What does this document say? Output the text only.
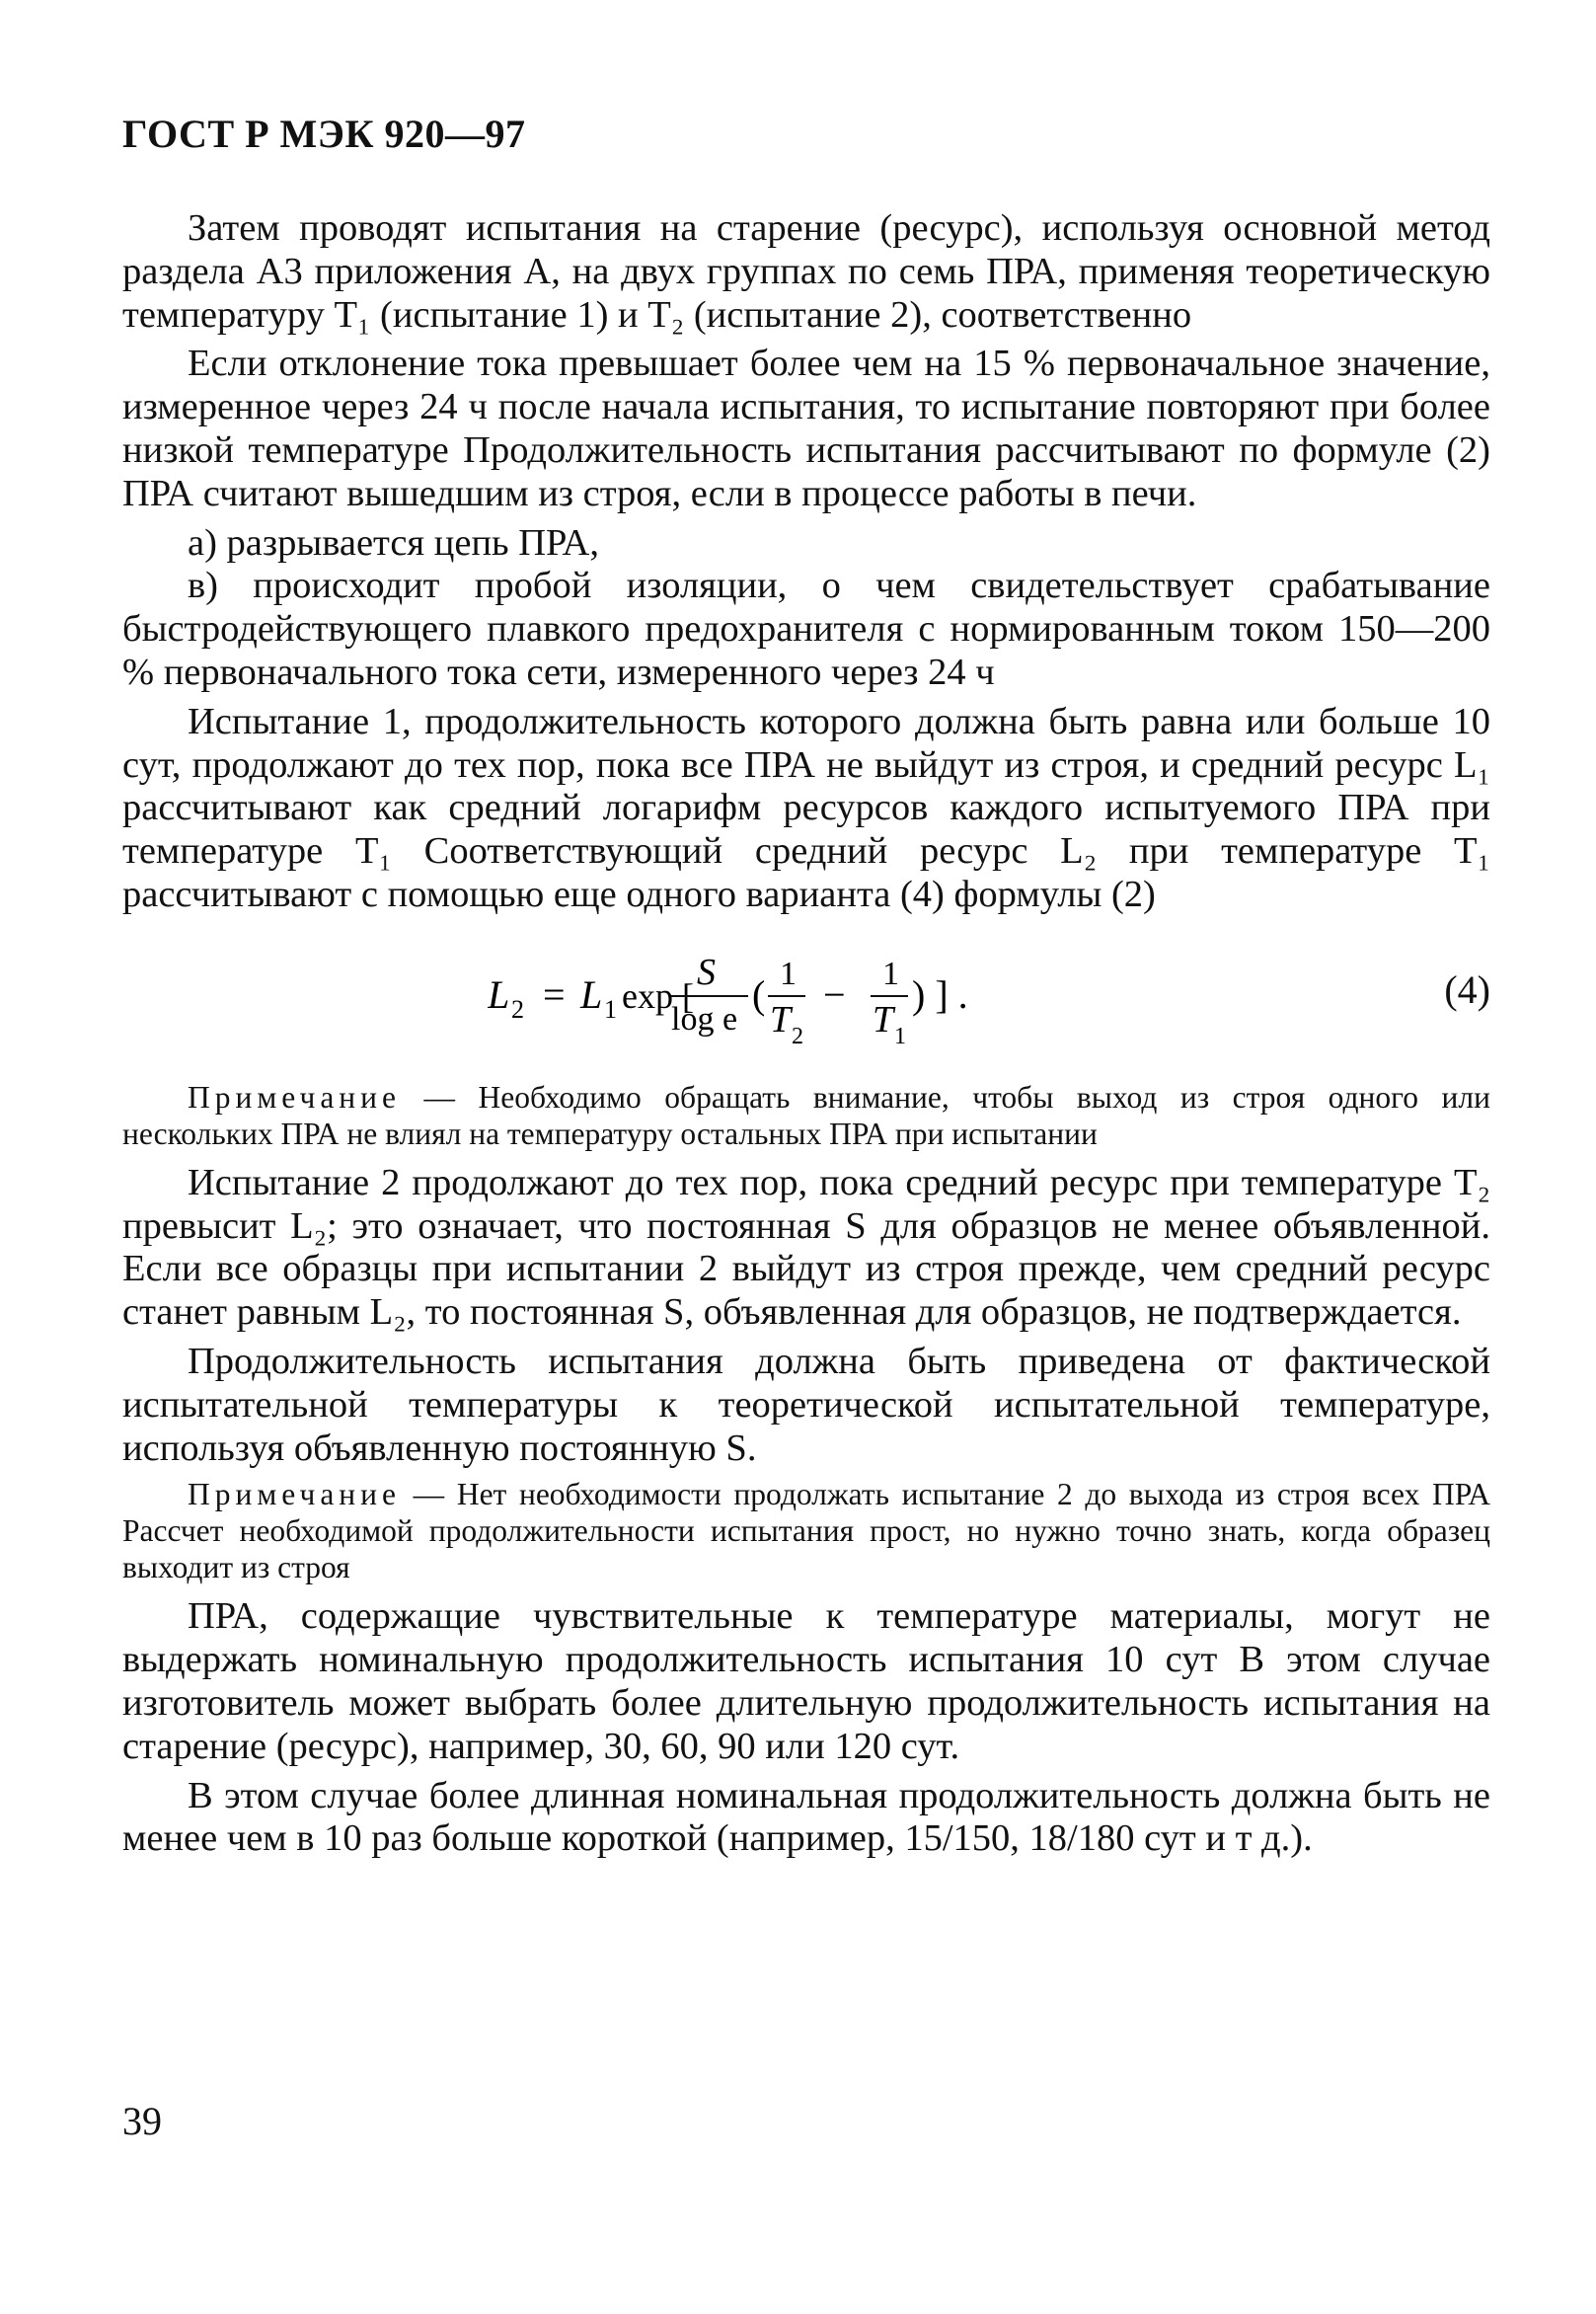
ГОСТ Р МЭК 920—97

Затем проводят испытания на старение (ресурс), используя основной метод раздела А3 приложения А, на двух группах по семь ПРА, применяя теоретическую температуру T₁ (испытание 1) и T₂ (испытание 2), соответственно

Если отклонение тока превышает более чем на 15 % первоначальное значение, измеренное через 24 ч после начала испытания, то испытание повторяют при более низкой температуре Продолжительность испытания рассчитывают по формуле (2) ПРА считают вышедшим из строя, если в процессе работы в печи.

а) разрывается цепь ПРА,

в) происходит пробой изоляции, о чем свидетельствует срабатывание быстродействующего плавкого предохранителя с нормированным током 150—200 % первоначального тока сети, измеренного через 24 ч

Испытание 1, продолжительность которого должна быть равна или больше 10 сут, продолжают до тех пор, пока все ПРА не выйдут из строя, и средний ресурс L₁ рассчитывают как средний логарифм ресурсов каждого испытуемого ПРА при температуре T₁ Соответствующий средний ресурс L₂ при температуре T₁ рассчитывают с помощью еще одного варианта (4) формулы (2)

L 2 = L 1 exp [
S
log e
( 1
T 2
− 1
T 1
) ] .	(4)

Примечание — Необходимо обращать внимание, чтобы выход из строя одного или нескольких ПРА не влиял на температуру остальных ПРА при испытании

Испытание 2 продолжают до тех пор, пока средний ресурс при температуре T₂ превысит L₂; это означает, что постоянная S для образцов не менее объявленной. Если все образцы при испытании 2 выйдут из строя прежде, чем средний ресурс станет равным L₂, то постоянная S, объявленная для образцов, не подтверждается.

Продолжительность испытания должна быть приведена от фактической испытательной температуры к теоретической испытательной температуре, используя объявленную постоянную S.

Примечание — Нет необходимости продолжать испытание 2 до выхода из строя всех ПРА Рассчет необходимой продолжительности испытания прост, но нужно точно знать, когда образец выходит из строя

ПРА, содержащие чувствительные к температуре материалы, могут не выдержать номинальную продолжительность испытания 10 сут В этом случае изготовитель может выбрать более длительную продолжительность испытания на старение (ресурс), например, 30, 60, 90 или 120 сут.

В этом случае более длинная номинальная продолжительность должна быть не менее чем в 10 раз больше короткой (например, 15/150, 18/180 сут и т д.).

39
